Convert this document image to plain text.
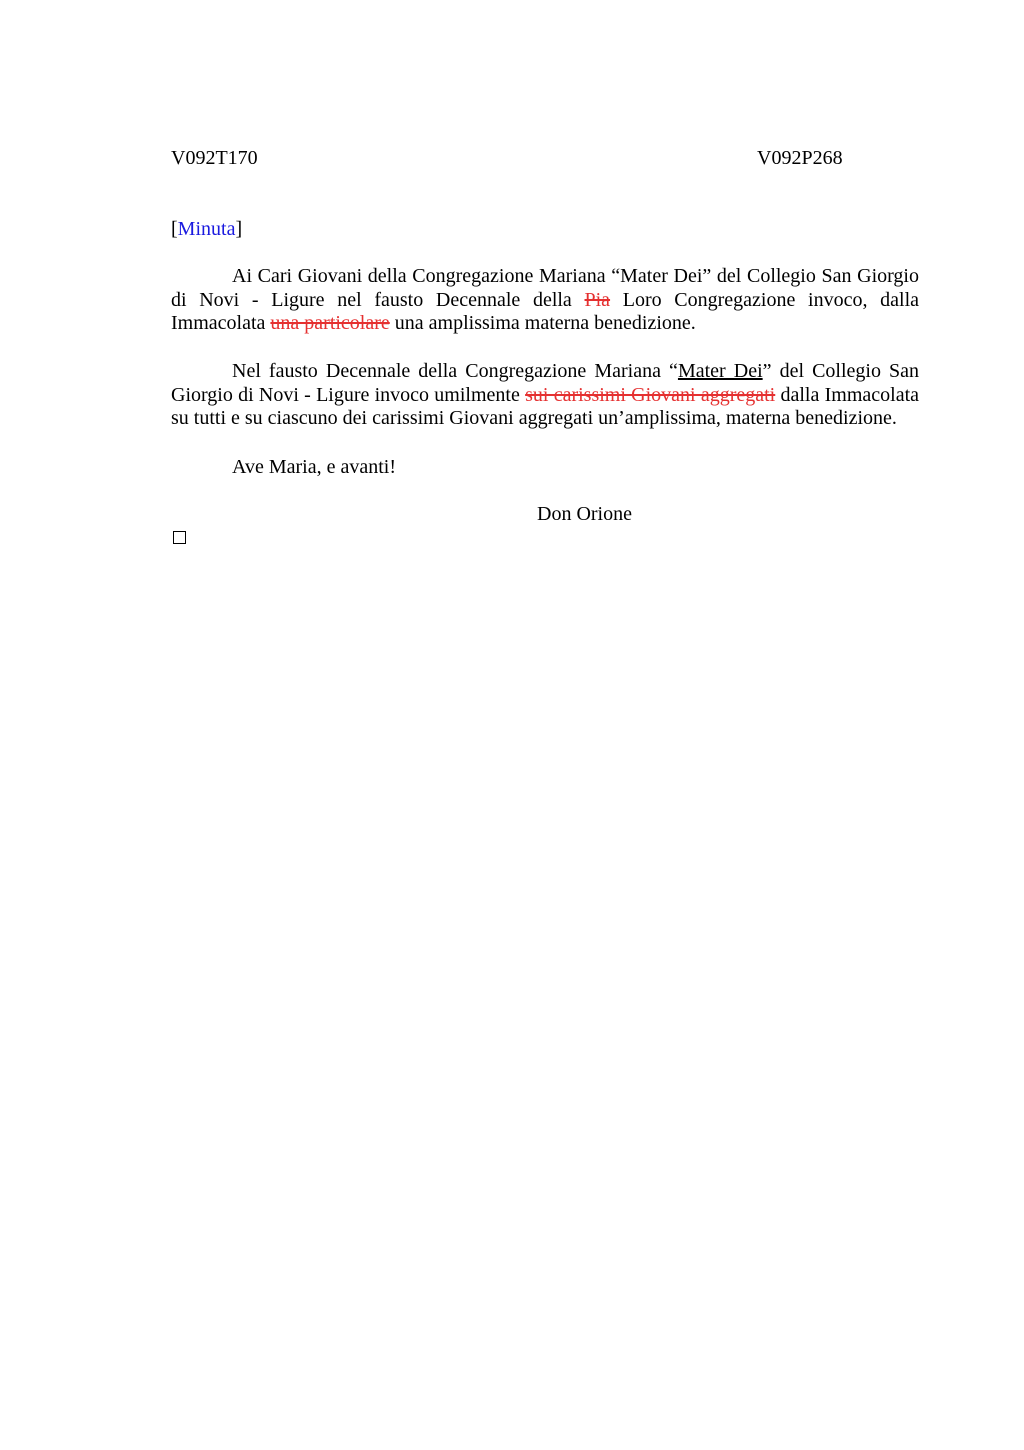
V092T170	V092P268
[Minuta]

Ai Cari Giovani della Congregazione Mariana “Mater Dei” del Collegio San Giorgio di Novi - Ligure nel fausto Decennale della Pia Loro Congregazione invoco, dalla Immacolata una particolare una amplissima materna benedizione.

Nel fausto Decennale della Congregazione Mariana “Mater Dei” del Collegio San Giorgio di Novi - Ligure invoco umilmente sui carissimi Giovani aggregati dalla Immacolata su tutti e su ciascuno dei carissimi Giovani aggregati un’amplissima, materna benedizione.

Ave Maria, e avanti!
Don Orione
